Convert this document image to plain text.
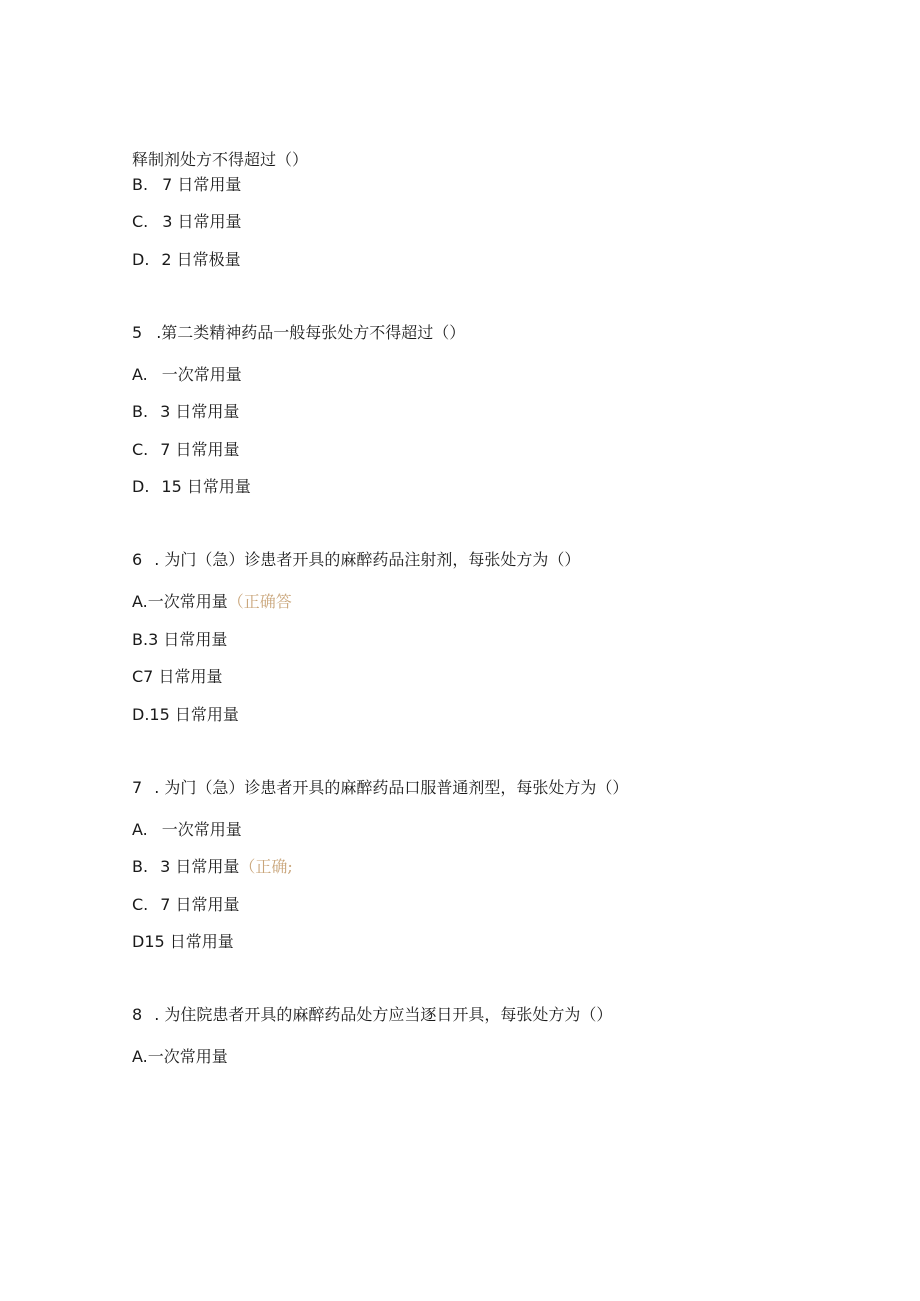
释制剂处方不得超过（）
B. 7 日常用量
C. 3 日常用量
D. 2 日常极量
5 .第二类精神药品一般每张处方不得超过（）
A. 一次常用量
B. 3 日常用量
C. 7 日常用量
D. 15 日常用量
6 . 为门（急）诊患者开具的麻醉药品注射剂，每张处方为（）
A.一次常用量（正确答
B.3 日常用量
C7 日常用量
D.15 日常用量
7 . 为门（急）诊患者开具的麻醉药品口服普通剂型，每张处方为（）
A. 一次常用量
B. 3 日常用量（正确;
C. 7 日常用量
D15 日常用量
8 . 为住院患者开具的麻醉药品处方应当逐日开具，每张处方为（）
A.一次常用量
